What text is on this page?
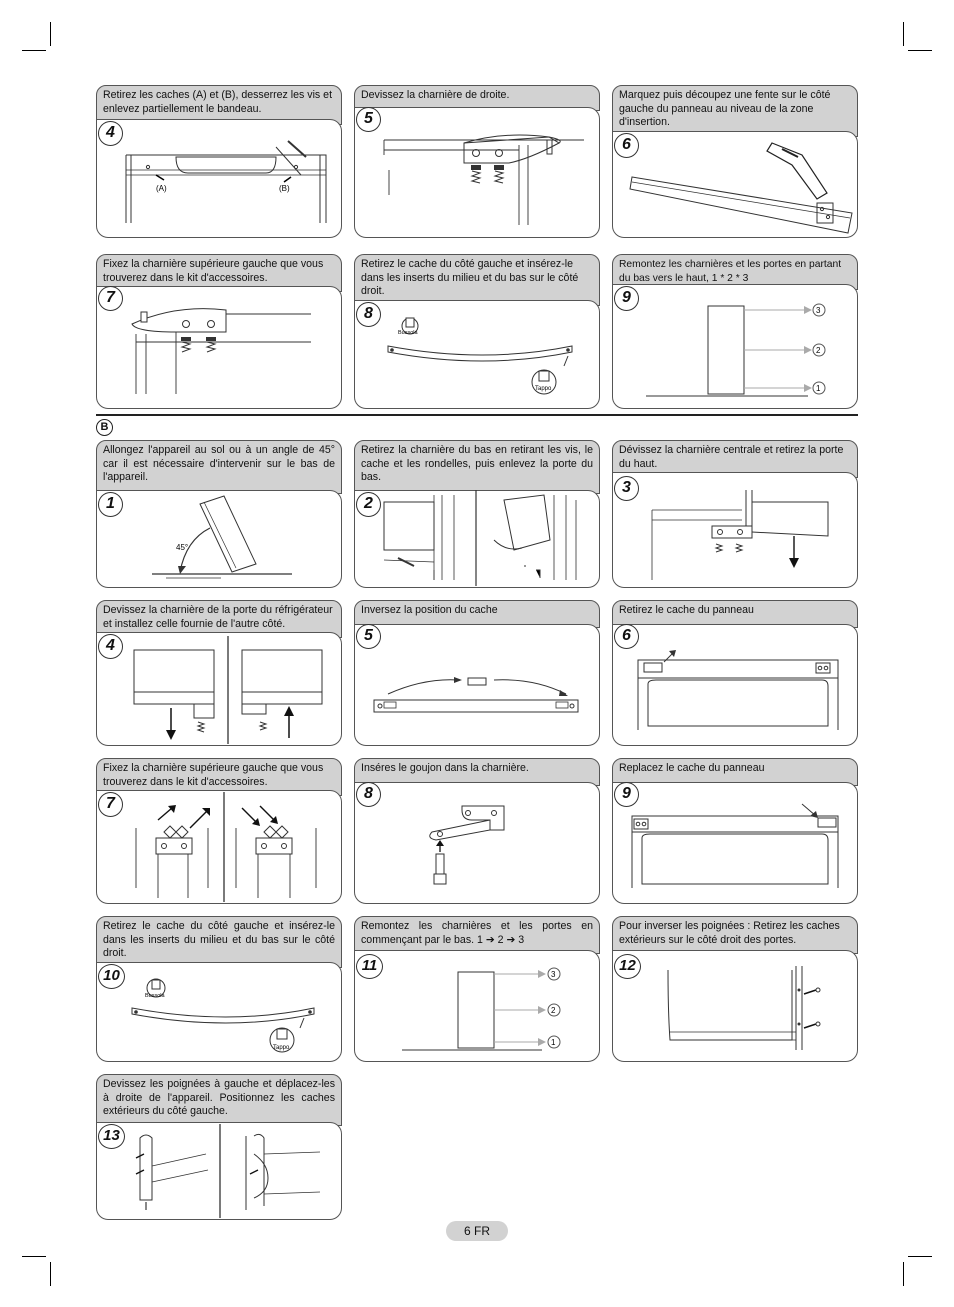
Retirez les caches (A) et (B), desserrez les vis et enlevez partiellement le bandeau.
4
(A)	(B)
Devissez la charnière de droite.
5
Marquez puis découpez une fente sur le côté gauche du panneau au niveau de la zone d'insertion.
6
Fixez la charnière supérieure gauche que vous trouverez dans le kit d'accessoires.
7
Retirez le cache du côté gauche et insérez-le dans les inserts du milieu et du bas sur le côté droit.
8
Bussola
Tappo
Remontez les charnières et les portes en partant du bas vers le haut, 1 * 2 * 3
9
3
2
1
B
Allongez l'appareil au sol ou à un angle de 45° car il est nécessaire d'intervenir sur le bas de l'appareil.
1
45°
Retirez la charnière du bas en retirant les vis, le cache et les rondelles, puis enlevez la porte du bas.
2
Dévissez la charnière centrale et retirez la porte du haut.
3
Devissez la charnière de la porte du réfrigérateur et installez celle fournie de l'autre côté.
4
Inversez la position du cache
5
Retirez le cache du panneau
6
Fixez la charnière supérieure gauche que vous trouverez dans le kit d'accessoires.
7
Inséres le goujon dans la charnière.
8
Replacez le cache du panneau
9
Retirez le cache du côté gauche et insérez-le dans les inserts du milieu et du bas sur le côté droit.
10
Bussola
Tappo
Remontez les charnières et les portes en commençant par le bas. 1 ➔ 2 ➔ 3
11
3
2
1
Pour inverser les poignées : Retirez les caches extérieurs sur le côté droit des portes.
12
Devissez les poignées à gauche et déplacez-les à droite de l'appareil. Positionnez les caches extérieurs du côté gauche.
13
6 FR
